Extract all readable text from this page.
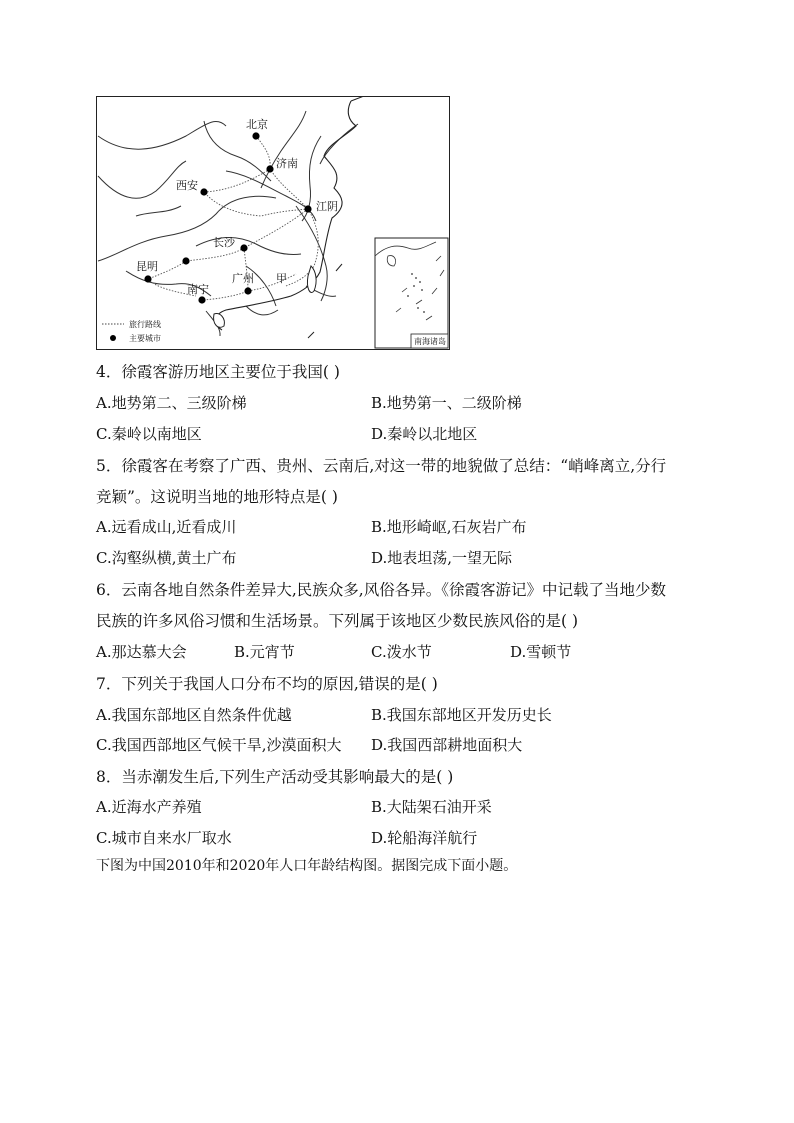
北京
济南
西安
江阴
长沙
昆明
南宁
广州 甲
旅行路线
主要城市	南海诸岛
4．徐霞客游历地区主要位于我国( )
A.地势第二、三级阶梯	B.地势第一、二级阶梯
C.秦岭以南地区	D.秦岭以北地区
5．徐霞客在考察了广西、贵州、云南后,对这一带的地貌做了总结：“峭峰离立,分行
竞颖”。这说明当地的地形特点是( )
A.远看成山,近看成川	B.地形崎岖,石灰岩广布
C.沟壑纵横,黄土广布	D.地表坦荡,一望无际
6．云南各地自然条件差异大,民族众多,风俗各异。《徐霞客游记》中记载了当地少数
民族的许多风俗习惯和生活场景。下列属于该地区少数民族风俗的是( )
A.那达慕大会	B.元宵节	C.泼水节	D.雪顿节
7．下列关于我国人口分布不均的原因,错误的是( )
A.我国东部地区自然条件优越	B.我国东部地区开发历史长
C.我国西部地区气候干旱,沙漠面积大 D.我国西部耕地面积大
8．当赤潮发生后,下列生产活动受其影响最大的是( )
A.近海水产养殖	B.大陆架石油开采
C.城市自来水厂取水	D.轮船海洋航行
下图为中国2010年和2020年人口年龄结构图。据图完成下面小题。
